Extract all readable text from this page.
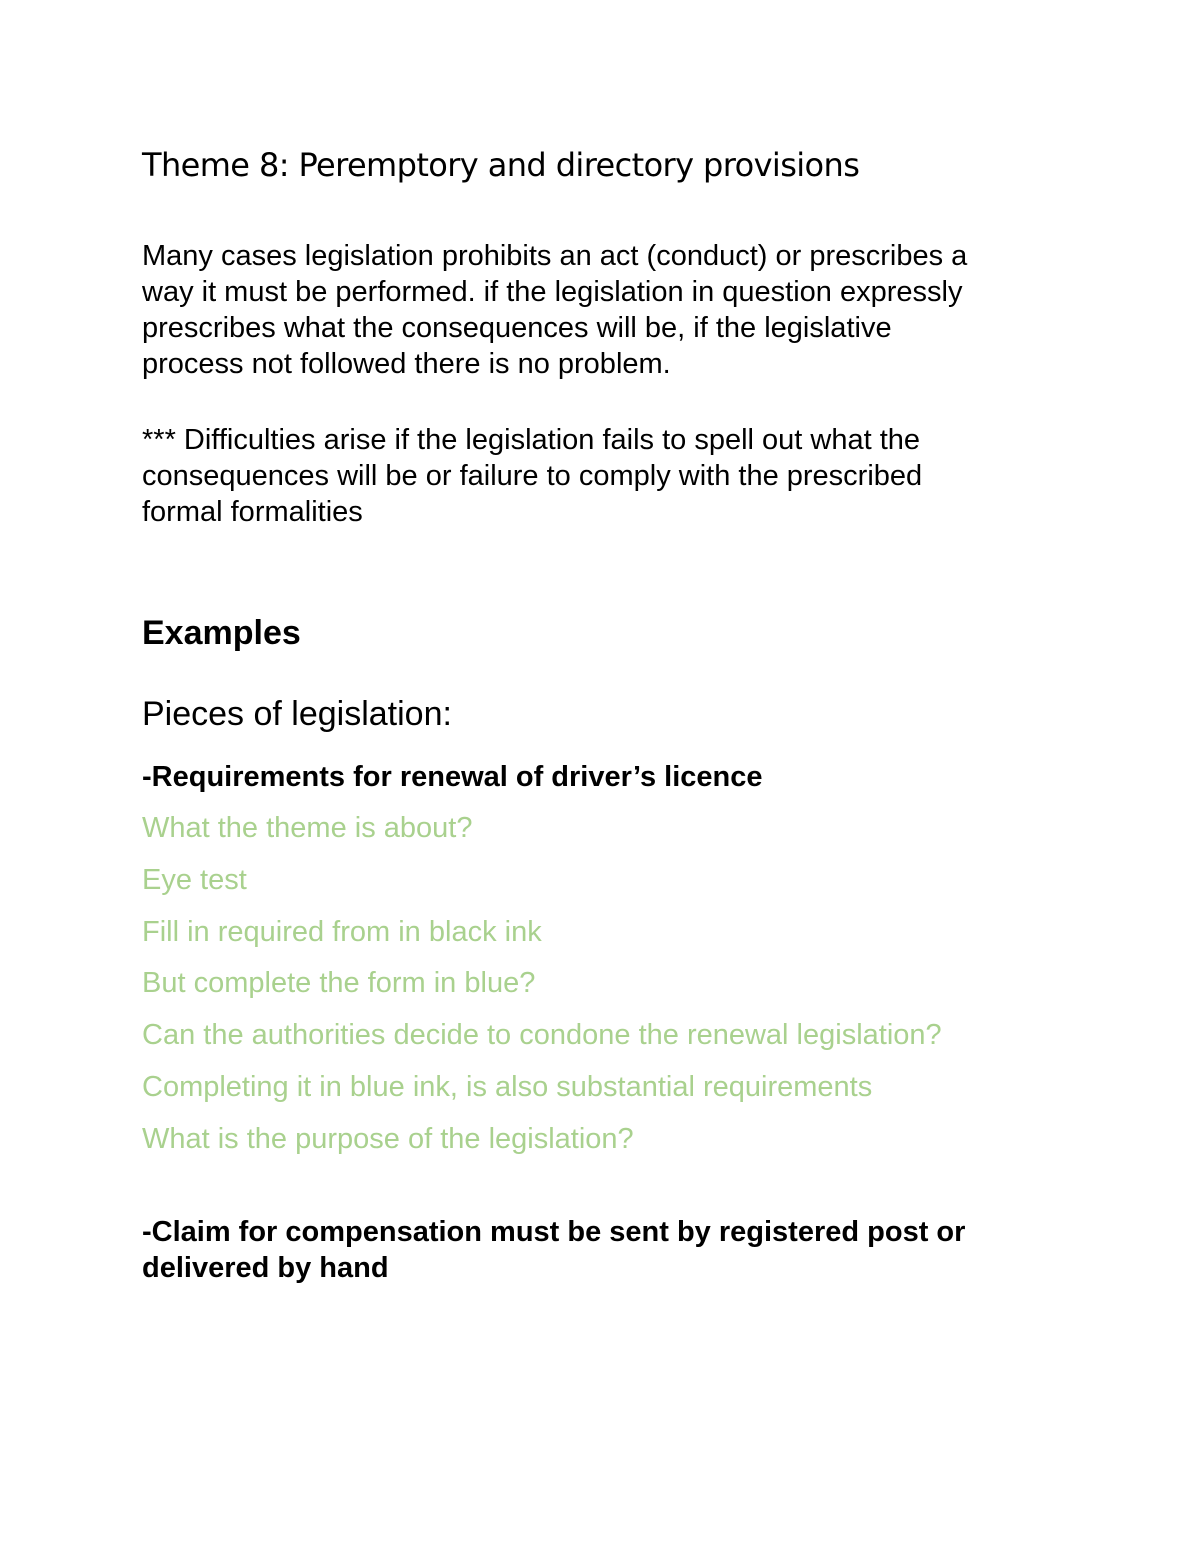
Theme 8: Peremptory and directory provisions

Many cases legislation prohibits an act (conduct) or prescribes a

way it must be performed. if the legislation in question expressly

prescribes what the consequences will be, if the legislative

process not followed there is no problem.

*** Difficulties arise if the legislation fails to spell out what the

consequences will be or failure to comply with the prescribed

formal formalities

Examples

Pieces of legislation:

-Requirements for renewal of driver’s licence

What the theme is about?

Eye test

Fill in required from in black ink

But complete the form in blue?

Can the authorities decide to condone the renewal legislation?

Completing it in blue ink, is also substantial requirements

What is the purpose of the legislation?

-Claim for compensation must be sent by registered post or

delivered by hand
